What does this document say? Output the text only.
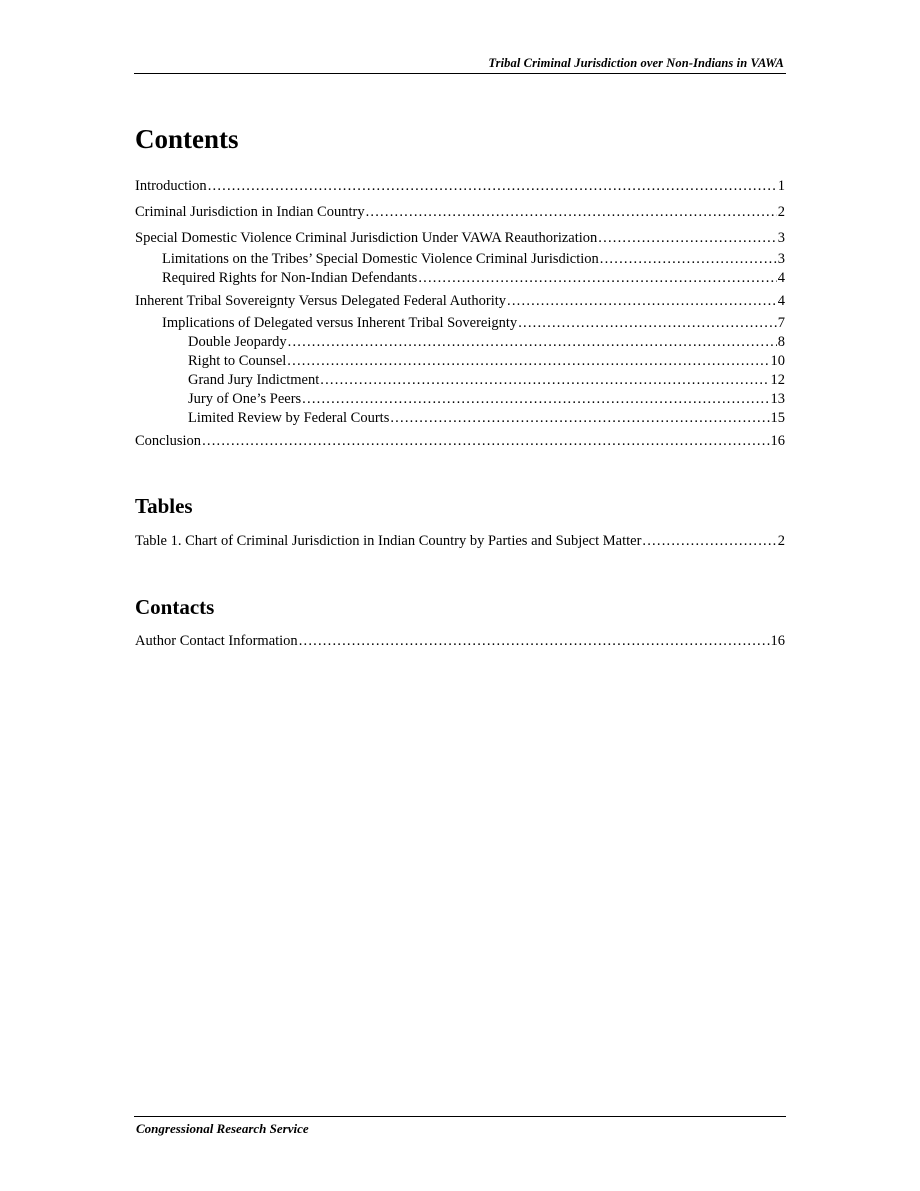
Tribal Criminal Jurisdiction over Non-Indians in VAWA
Contents
Introduction .....	1
Criminal Jurisdiction in Indian Country .....	2
Special Domestic Violence Criminal Jurisdiction Under VAWA Reauthorization .....	3
Limitations on the Tribes’ Special Domestic Violence Criminal Jurisdiction .....	3
Required Rights for Non-Indian Defendants .....	4
Inherent Tribal Sovereignty Versus Delegated Federal Authority .....	4
Implications of Delegated versus Inherent Tribal Sovereignty .....	7
Double Jeopardy .....	8
Right to Counsel .....	10
Grand Jury Indictment .....	12
Jury of One’s Peers .....	13
Limited Review by Federal Courts .....	15
Conclusion .....	16
Tables
Table 1. Chart of Criminal Jurisdiction in Indian Country by Parties and Subject Matter .....	2
Contacts
Author Contact Information .....	16
Congressional Research Service
